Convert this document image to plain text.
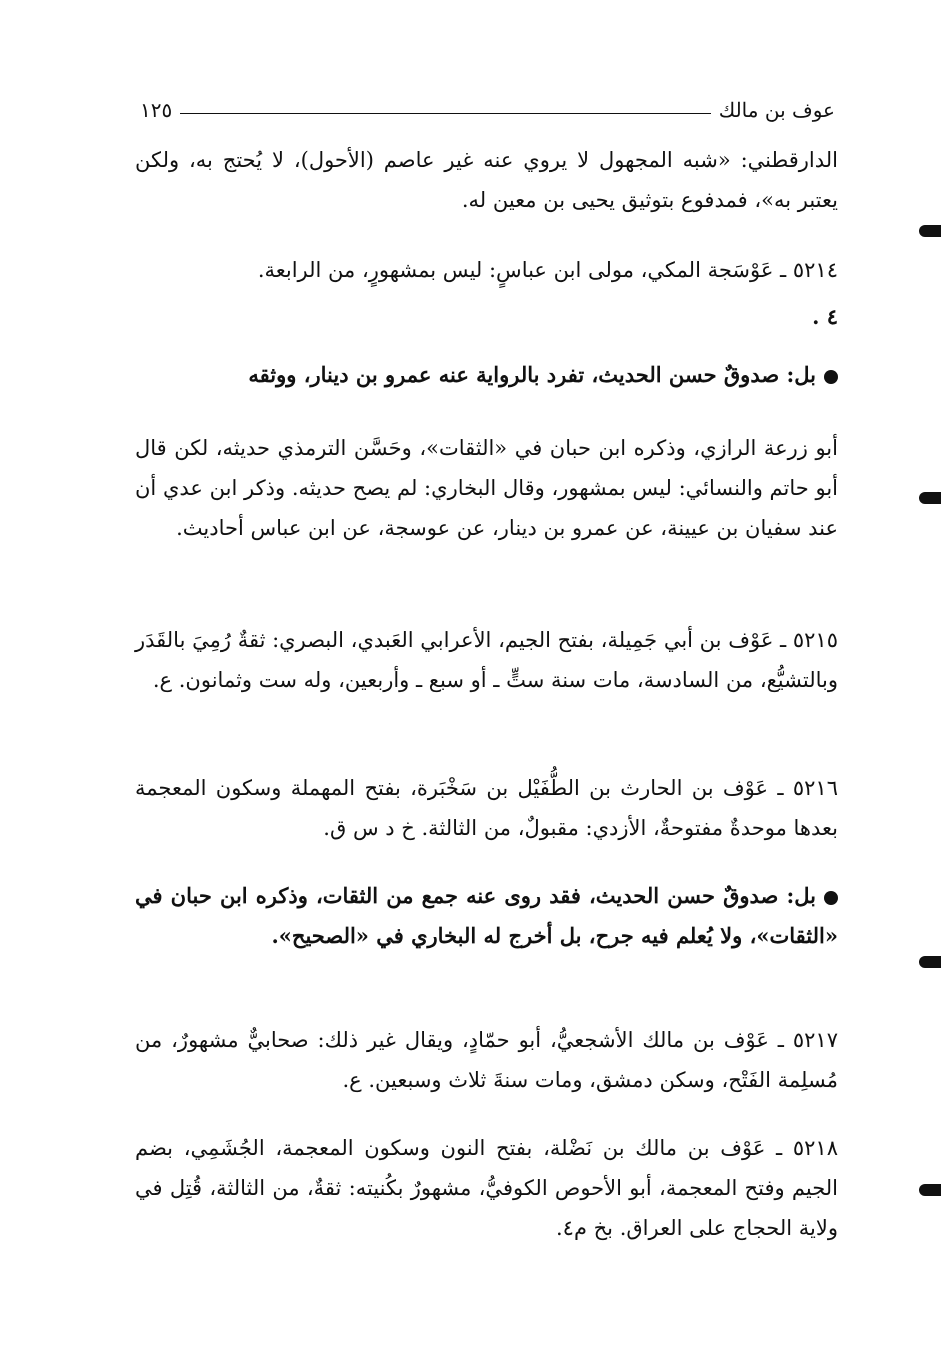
عوف بن مالك
١٢٥

الدارقطني: «شبه المجهول لا يروي عنه غير عاصم (الأحول)، لا يُحتج به، ولكن يعتبر به»، فمدفوع بتوثيق يحيى بن معين له.

٥٢١٤ ـ عَوْسَجة المكي، مولى ابن عباسٍ: ليس بمشهورٍ، من الرابعة.

٤ .

بل: صدوقٌ حسن الحديث، تفرد بالرواية عنه عمرو بن دينار، ووثقه

أبو زرعة الرازي، وذكره ابن حبان في «الثقات»، وحَسَّن الترمذي حديثه، لكن قال أبو حاتم والنسائي: ليس بمشهور، وقال البخاري: لم يصح حديثه. وذكر ابن عدي أن عند سفيان بن عيينة، عن عمرو بن دينار، عن عوسجة، عن ابن عباس أحاديث.

٥٢١٥ ـ عَوْف بن أبي جَمِيلة، بفتح الجيم، الأعرابي العَبدي، البصري: ثقةٌ رُمِيَ بالقَدَر وبالتشيُّع، من السادسة، مات سنة ستٍّ ـ أو سبع ـ وأربعين، وله ست وثمانون. ع.

٥٢١٦ ـ عَوْف بن الحارث بن الطُّفَيْل بن سَخْبَرة، بفتح المهملة وسكون المعجمة بعدها موحدةٌ مفتوحةٌ، الأزدي: مقبولٌ، من الثالثة. خ د س ق.

بل: صدوقٌ حسن الحديث، فقد روى عنه جمع من الثقات، وذكره ابن حبان في «الثقات»، ولا يُعلم فيه جرح، بل أخرج له البخاري في «الصحيح».

٥٢١٧ ـ عَوْف بن مالك الأشجعيُّ، أبو حمّادٍ، ويقال غير ذلك: صحابيٌّ مشهورٌ، من مُسلِمة الفَتْح، وسكن دمشق، ومات سنةَ ثلاث وسبعين. ع.

٥٢١٨ ـ عَوْف بن مالك بن نَضْلة، بفتح النون وسكون المعجمة، الجُشَمِي، بضم الجيم وفتح المعجمة، أبو الأحوص الكوفيُّ، مشهورٌ بكُنيته: ثقةٌ، من الثالثة، قُتِل في ولاية الحجاج على العراق. بخ م٤.
